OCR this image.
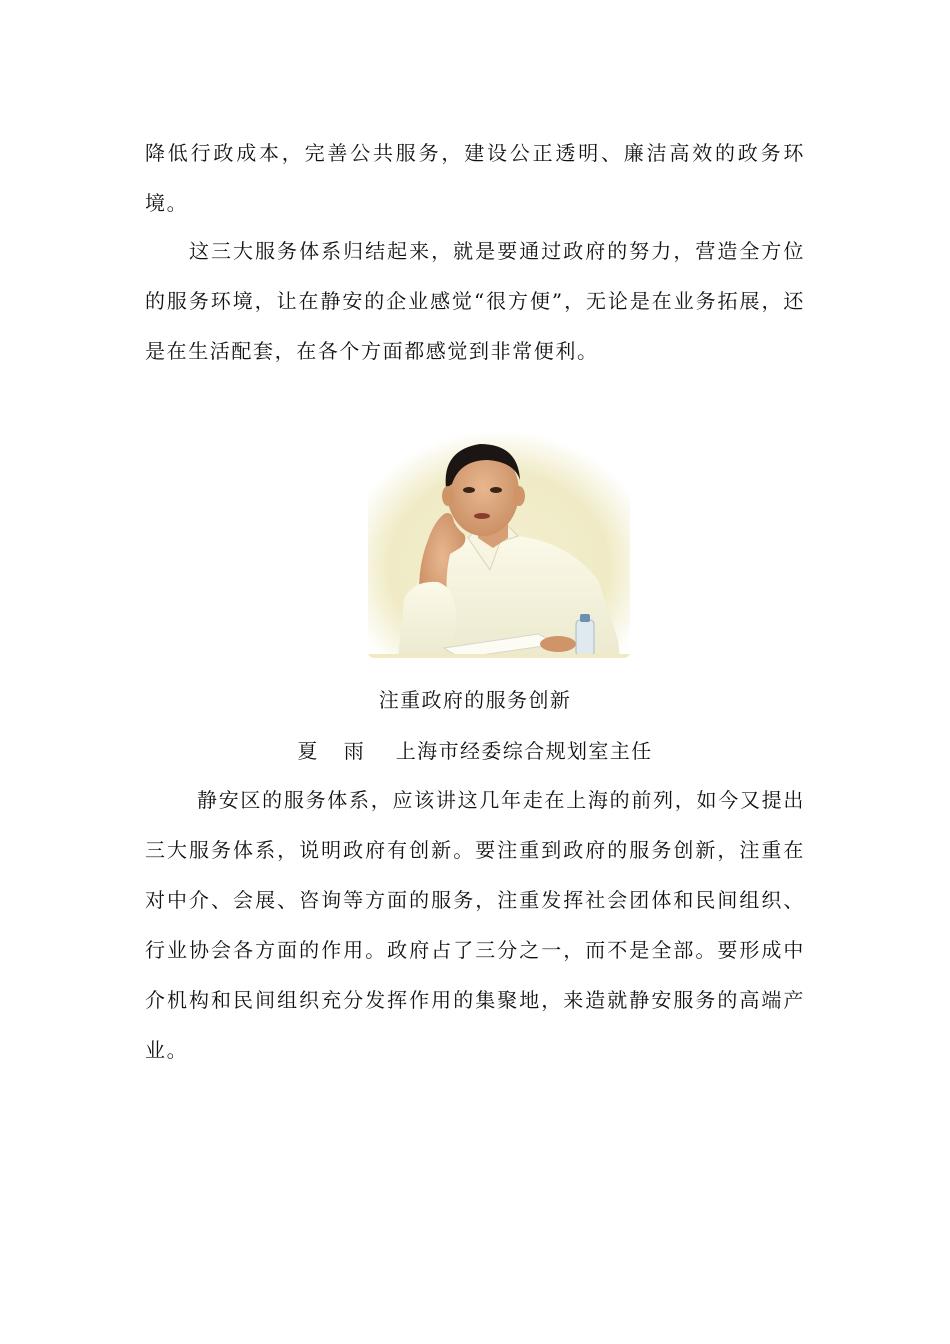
降低行政成本，完善公共服务，建设公正透明、廉洁高效的政务环境。

这三大服务体系归结起来，就是要通过政府的努力，营造全方位的服务环境，让在静安的企业感觉“很方便”，无论是在业务拓展，还是在生活配套，在各个方面都感觉到非常便利。

注重政府的服务创新

夏 雨 上海市经委综合规划室主任

静安区的服务体系，应该讲这几年走在上海的前列，如今又提出三大服务体系，说明政府有创新。要注重到政府的服务创新，注重在对中介、会展、咨询等方面的服务，注重发挥社会团体和民间组织、行业协会各方面的作用。政府占了三分之一，而不是全部。要形成中介机构和民间组织充分发挥作用的集聚地，来造就静安服务的高端产业。
